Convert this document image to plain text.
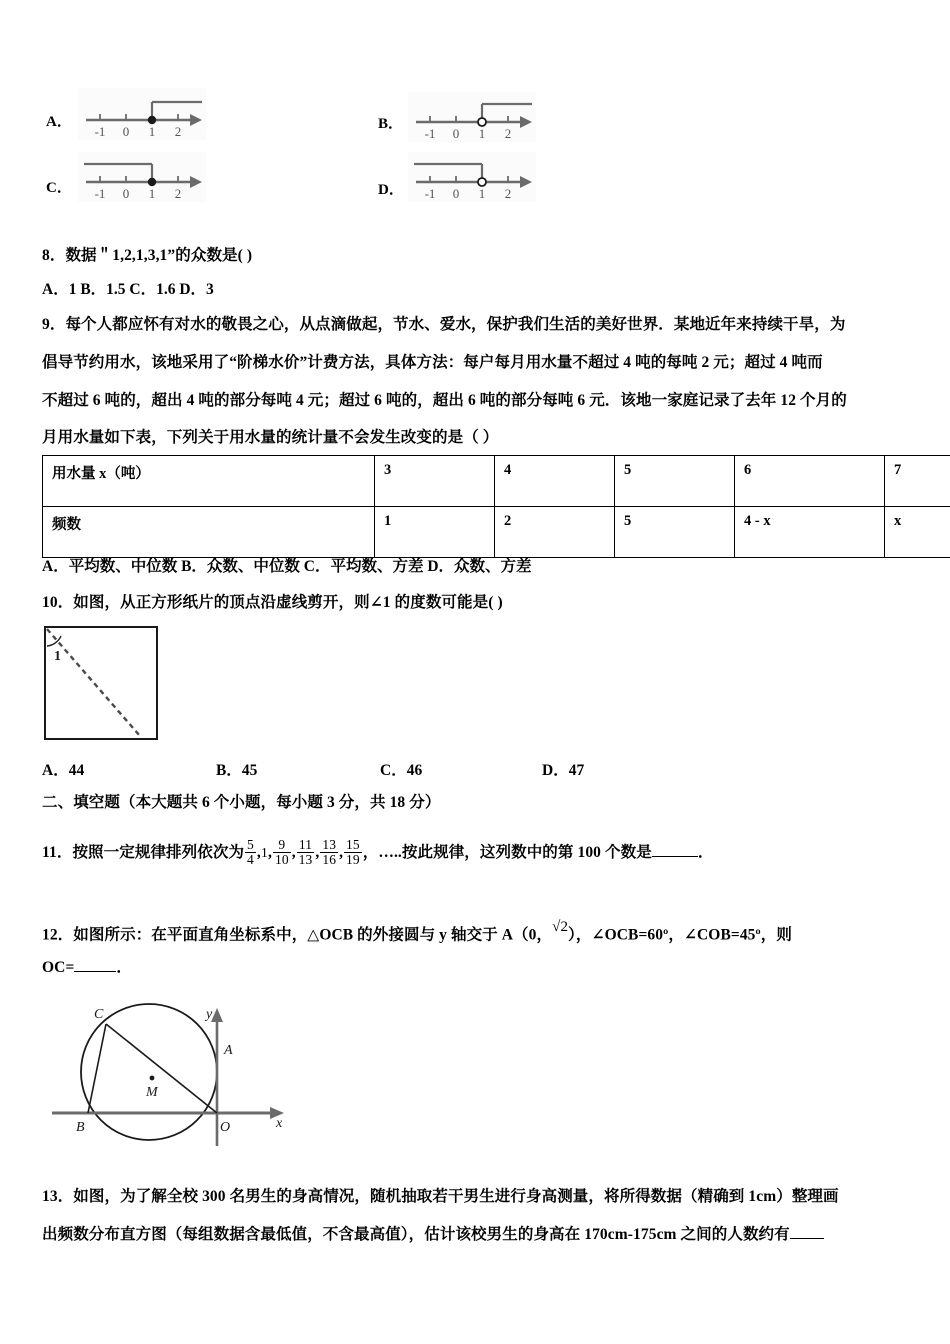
A．
-1 0 1 2	B．
-1 0 1 2
C． -1 0 1 2	D． -1 0 1 2
8．数据＂1,2,1,3,1”的众数是( )
A．1 B．1.5 C．1.6 D．3
9．每个人都应怀有对水的敬畏之心，从点滴做起，节水、爱水，保护我们生活的美好世界．某地近年来持续干旱，为
倡导节约用水，该地采用了“阶梯水价”计费方法，具体方法：每户每月用水量不超过 4 吨的每吨 2 元；超过 4 吨而
不超过 6 吨的，超出 4 吨的部分每吨 4 元；超过 6 吨的，超出 6 吨的部分每吨 6 元．该地一家庭记录了去年 12 个月的
月用水量如下表，下列关于用水量的统计量不会发生改变的是（ ）
用水量 x（吨）	3	4	5	6	7
频数	1	2	5	4 - x	x
A．平均数、中位数 B．众数、中位数 C．平均数、方差 D．众数、方差
10．如图，从正方形纸片的顶点沿虚线剪开，则∠1 的度数可能是( )
1
A．44	B．45	C．46	D．47
二、填空题（本大题共 6 个小题，每小题 3 分，共 18 分）
11．按照一定规律排列依次为 $\frac{5}{4} ,1$, $\frac{9}{10}$ , $\frac{11}{13}$ , $\frac{13}{16}$ , $\frac{15}{19}$ ，…..按此规律，这列数中的第 100 个数是	．
12．如图所示：在平面直角坐标系中，△OCB 的外接圆与 y 轴交于 A（0，√2），∠OCB=60º，∠COB=45º，则
OC=	．
C
A
M
B	O	x
y
13．如图，为了解全校 300 名男生的身高情况，随机抽取若干男生进行身高测量，将所得数据（精确到 1cm）整理画
出频数分布直方图（每组数据含最低值，不含最高值），估计该校男生的身高在 170cm‐175cm 之间的人数约有
